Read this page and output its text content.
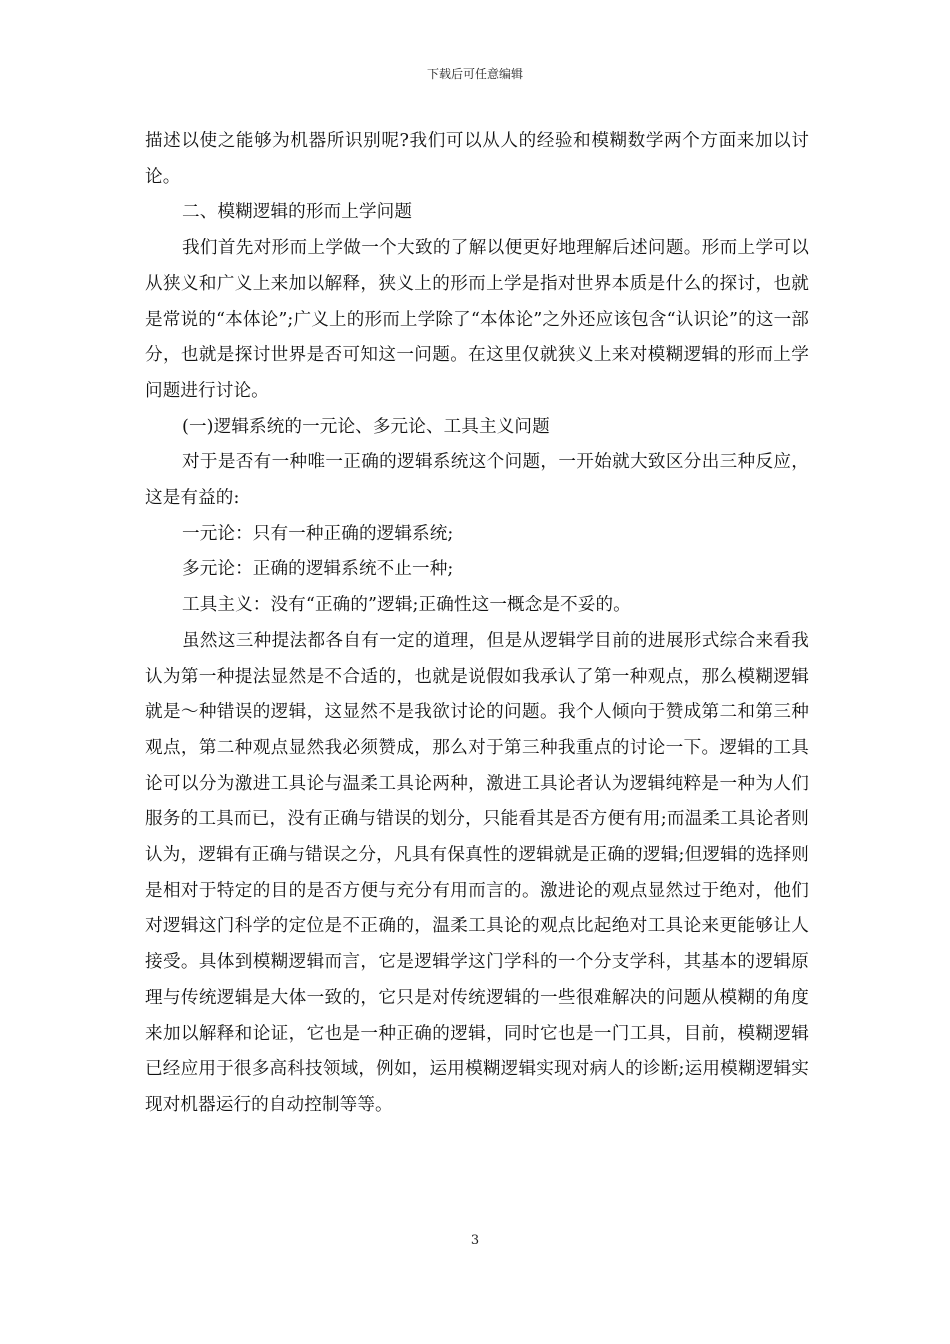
下载后可任意编辑

描述以使之能够为机器所识别呢?我们可以从人的经验和模糊数学两个方面来加以讨论。

二、模糊逻辑的形而上学问题

我们首先对形而上学做一个大致的了解以便更好地理解后述问题。形而上学可以从狭义和广义上来加以解释，狭义上的形而上学是指对世界本质是什么的探讨，也就是常说的“本体论”;广义上的形而上学除了“本体论”之外还应该包含“认识论”的这一部分，也就是探讨世界是否可知这一问题。在这里仅就狭义上来对模糊逻辑的形而上学问题进行讨论。

(一)逻辑系统的一元论、多元论、工具主义问题

对于是否有一种唯一正确的逻辑系统这个问题，一开始就大致区分出三种反应，这是有益的:

一元论：只有一种正确的逻辑系统;

多元论：正确的逻辑系统不止一种;

工具主义：没有“正确的”逻辑;正确性这一概念是不妥的。

虽然这三种提法都各自有一定的道理，但是从逻辑学目前的进展形式综合来看我认为第一种提法显然是不合适的，也就是说假如我承认了第一种观点，那么模糊逻辑就是～种错误的逻辑，这显然不是我欲讨论的问题。我个人倾向于赞成第二和第三种观点，第二种观点显然我必须赞成，那么对于第三种我重点的讨论一下。逻辑的工具论可以分为激进工具论与温柔工具论两种，激进工具论者认为逻辑纯粹是一种为人们服务的工具而已，没有正确与错误的划分，只能看其是否方便有用;而温柔工具论者则认为，逻辑有正确与错误之分，凡具有保真性的逻辑就是正确的逻辑;但逻辑的选择则是相对于特定的目的是否方便与充分有用而言的。激进论的观点显然过于绝对，他们对逻辑这门科学的定位是不正确的，温柔工具论的观点比起绝对工具论来更能够让人接受。具体到模糊逻辑而言，它是逻辑学这门学科的一个分支学科，其基本的逻辑原理与传统逻辑是大体一致的，它只是对传统逻辑的一些很难解决的问题从模糊的角度来加以解释和论证，它也是一种正确的逻辑，同时它也是一门工具，目前，模糊逻辑已经应用于很多高科技领域，例如，运用模糊逻辑实现对病人的诊断;运用模糊逻辑实现对机器运行的自动控制等等。

3
